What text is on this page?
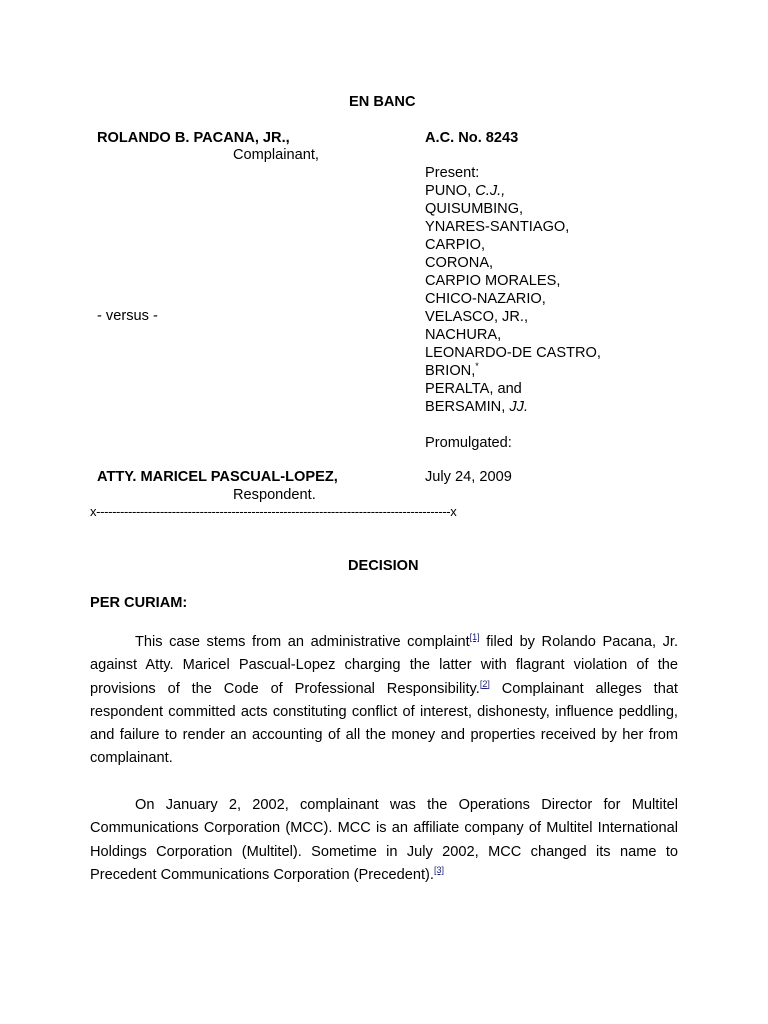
EN BANC
ROLANDO B. PACANA, JR.,
Complainant,
A.C. No. 8243
Present:
PUNO, C.J.,
QUISUMBING,
YNARES-SANTIAGO,
CARPIO,
CORONA,
CARPIO MORALES,
CHICO-NAZARIO,
VELASCO, JR.,
NACHURA,
LEONARDO-DE CASTRO,
BRION,*
PERALTA, and
BERSAMIN, JJ.
Promulgated:
- versus -
ATTY. MARICEL PASCUAL-LOPEZ,
Respondent.
July 24, 2009
x-----------------------------------------------------------------------------------------x
DECISION
PER CURIAM:
This case stems from an administrative complaint[1] filed by Rolando Pacana, Jr. against Atty. Maricel Pascual-Lopez charging the latter with flagrant violation of the provisions of the Code of Professional Responsibility.[2] Complainant alleges that respondent committed acts constituting conflict of interest, dishonesty, influence peddling, and failure to render an accounting of all the money and properties received by her from complainant.
On January 2, 2002, complainant was the Operations Director for Multitel Communications Corporation (MCC). MCC is an affiliate company of Multitel International Holdings Corporation (Multitel). Sometime in July 2002, MCC changed its name to Precedent Communications Corporation (Precedent).[3]
